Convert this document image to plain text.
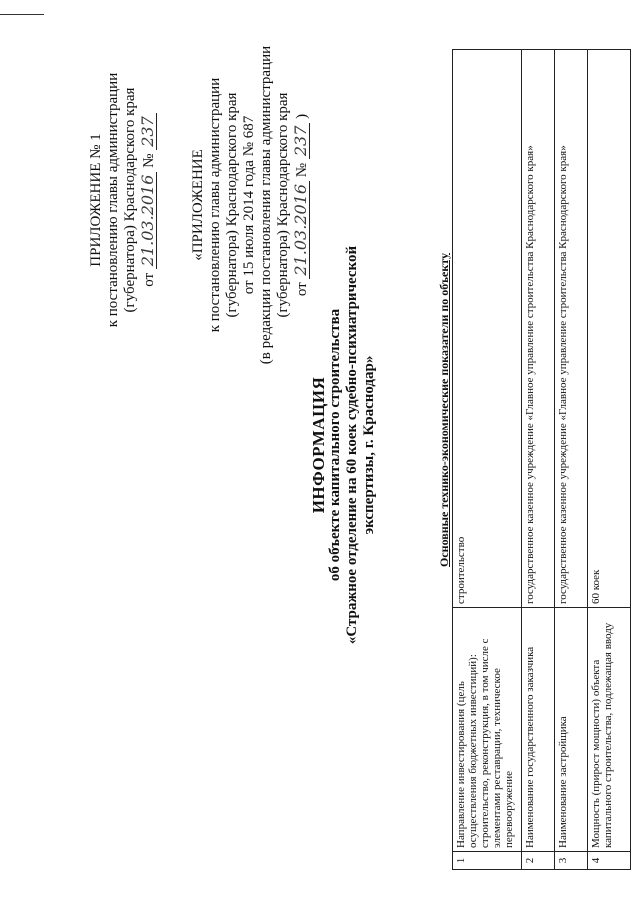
ПРИЛОЖЕНИЕ № 1 к постановлению главы администрации (губернатора) Краснодарского края от 21.03.2016 № 237
«ПРИЛОЖЕНИЕ к постановлению главы администрации (губернатора) Краснодарского края от 15 июля 2014 года № 687 (в редакции постановления главы администрации (губернатора) Краснодарского края от 21.03.2016 № 237 )
ИНФОРМАЦИЯ об объекте капитального строительства «Стражное отделение на 60 коек судебно-психиатрической экспертизы, г. Краснодар»	Основные технико-экономические показатели по объекту
1	Направление инвестирования (цель осуществления бюджетных инвестиций): строительство, реконструкция, в том числе с элементами реставрации, техническое перевооружение	строительство
2	Наименование государственного заказчика	государственное казенное учреждение «Главное управление строительства Краснодарского края»
3	Наименование застройщика	государственное казенное учреждение «Главное управление строительства Краснодарского края»
4	Мощность (прирост мощности) объекта капитального строительства, подлежащая вводу	60 коек
